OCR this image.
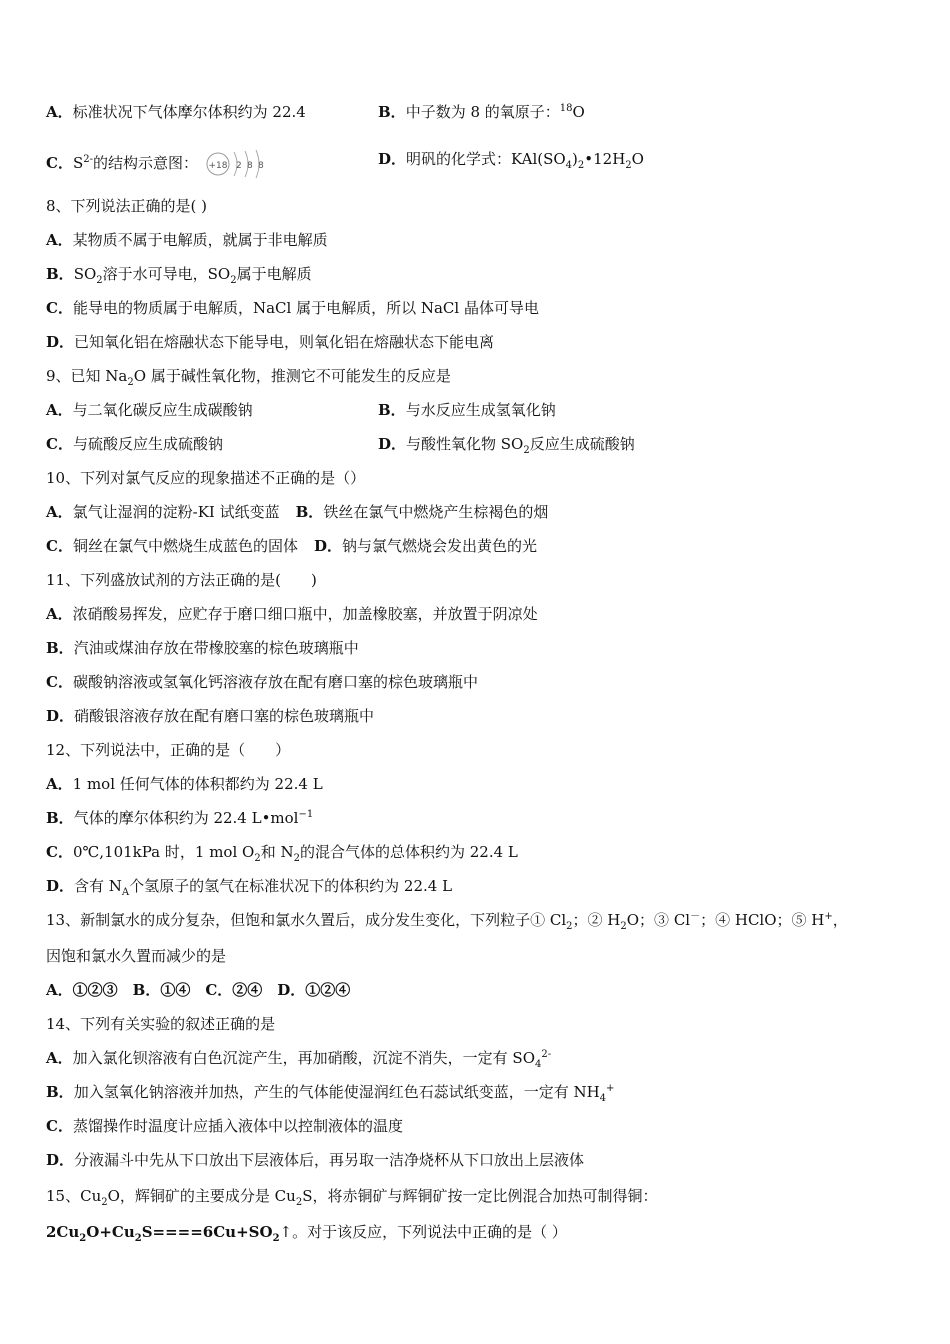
A．标准状况下气体摩尔体积约为 22.4	B．中子数为 8 的氧原子：$^{18}$O
C．$S^{2-}$的结构示意图： +18 2 8 8	D．明矾的化学式：$KAl(SO_4)_2•12H_2O$
8、下列说法正确的是( )
A．某物质不属于电解质，就属于非电解质
B．$SO_2$溶于水可导电，$SO_2$属于电解质
C．能导电的物质属于电解质，NaCl 属于电解质，所以 NaCl 晶体可导电
D．已知氧化铝在熔融状态下能导电，则氧化铝在熔融状态下能电离
9、已知 $Na_2O$ 属于碱性氧化物，推测它不可能发生的反应是
A．与二氧化碳反应生成碳酸钠	B．与水反应生成氢氧化钠
C．与硫酸反应生成硫酸钠	D．与酸性氧化物 $SO_2$反应生成硫酸钠
10、下列对氯气反应的现象描述不正确的是（）
A．氯气让湿润的淀粉-KI 试纸变蓝 B．铁丝在氯气中燃烧产生棕褐色的烟
C．铜丝在氯气中燃烧生成蓝色的固体 D．钠与氯气燃烧会发出黄色的光
11、下列盛放试剂的方法正确的是(　　)
A．浓硝酸易挥发，应贮存于磨口细口瓶中，加盖橡胶塞，并放置于阴凉处
B．汽油或煤油存放在带橡胶塞的棕色玻璃瓶中
C．碳酸钠溶液或氢氧化钙溶液存放在配有磨口塞的棕色玻璃瓶中
D．硝酸银溶液存放在配有磨口塞的棕色玻璃瓶中
12、下列说法中，正确的是（　　）
A．1 mol 任何气体的体积都约为 22.4 L
B．气体的摩尔体积约为 22.4 L•mol$^{-1}$
C．0℃,101kPa 时，1 mol $O_2$和 $N_2$的混合气体的总体积约为 22.4 L
D．含有 $N_A$个氢原子的氢气在标准状况下的体积约为 22.4 L
13、新制氯水的成分复杂，但饱和氯水久置后，成分发生变化，下列粒子① $Cl_2$；② $H_2O$；③ Cl－；④ HClO；⑤ H+，
因饱和氯水久置而减少的是
A．①②③　B．①④　C．②④　D．①②④
14、下列有关实验的叙述正确的是
A．加入氯化钡溶液有白色沉淀产生，再加硝酸，沉淀不消失，一定有 $SO_4^{2-}$
B．加入氢氧化钠溶液并加热，产生的气体能使湿润红色石蕊试纸变蓝，一定有 $NH_4^+$
C．蒸馏操作时温度计应插入液体中以控制液体的温度
D．分液漏斗中先从下口放出下层液体后，再另取一洁净烧杯从下口放出上层液体
15、$Cu_2O$，辉铜矿的主要成分是 $Cu_2S$，将赤铜矿与辉铜矿按一定比例混合加热可制得铜：
$2Cu_2O+Cu_2S====6Cu+SO_2↑$。对于该反应，下列说法中正确的是（ ）
